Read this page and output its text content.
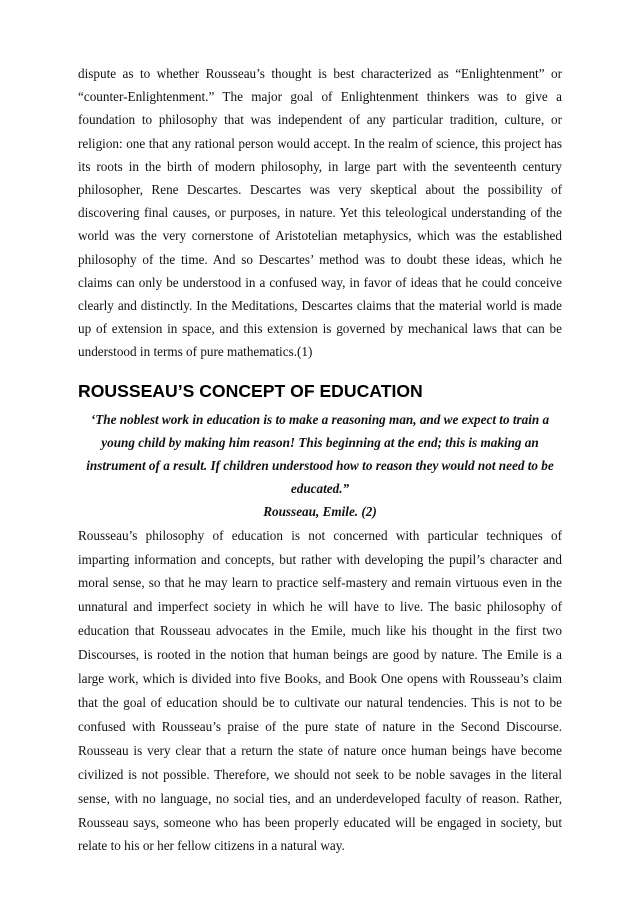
dispute as to whether Rousseau’s thought is best characterized as “Enlightenment” or “counter-Enlightenment.” The major goal of Enlightenment thinkers was to give a foundation to philosophy that was independent of any particular tradition, culture, or religion: one that any rational person would accept. In the realm of science, this project has its roots in the birth of modern philosophy, in large part with the seventeenth century philosopher, Rene Descartes. Descartes was very skeptical about the possibility of discovering final causes, or purposes, in nature. Yet this teleological understanding of the world was the very cornerstone of Aristotelian metaphysics, which was the established philosophy of the time. And so Descartes’ method was to doubt these ideas, which he claims can only be understood in a confused way, in favor of ideas that he could conceive clearly and distinctly. In the Meditations, Descartes claims that the material world is made up of extension in space, and this extension is governed by mechanical laws that can be understood in terms of pure mathematics.(1)

ROUSSEAU’S CONCEPT OF EDUCATION

‘The noblest work in education is to make a reasoning man, and we expect to train a young child by making him reason! This beginning at the end; this is making an instrument of a result. If children understood how to reason they would not need to be educated.”

Rousseau, Emile. (2)

Rousseau’s philosophy of education is not concerned with particular techniques of imparting information and concepts, but rather with developing the pupil’s character and moral sense, so that he may learn to practice self-mastery and remain virtuous even in the unnatural and imperfect society in which he will have to live. The basic philosophy of education that Rousseau advocates in the Emile, much like his thought in the first two Discourses, is rooted in the notion that human beings are good by nature. The Emile is a large work, which is divided into five Books, and Book One opens with Rousseau’s claim that the goal of education should be to cultivate our natural tendencies. This is not to be confused with Rousseau’s praise of the pure state of nature in the Second Discourse. Rousseau is very clear that a return the state of nature once human beings have become civilized is not possible. Therefore, we should not seek to be noble savages in the literal sense, with no language, no social ties, and an underdeveloped faculty of reason. Rather, Rousseau says, someone who has been properly educated will be engaged in society, but relate to his or her fellow citizens in a natural way.
